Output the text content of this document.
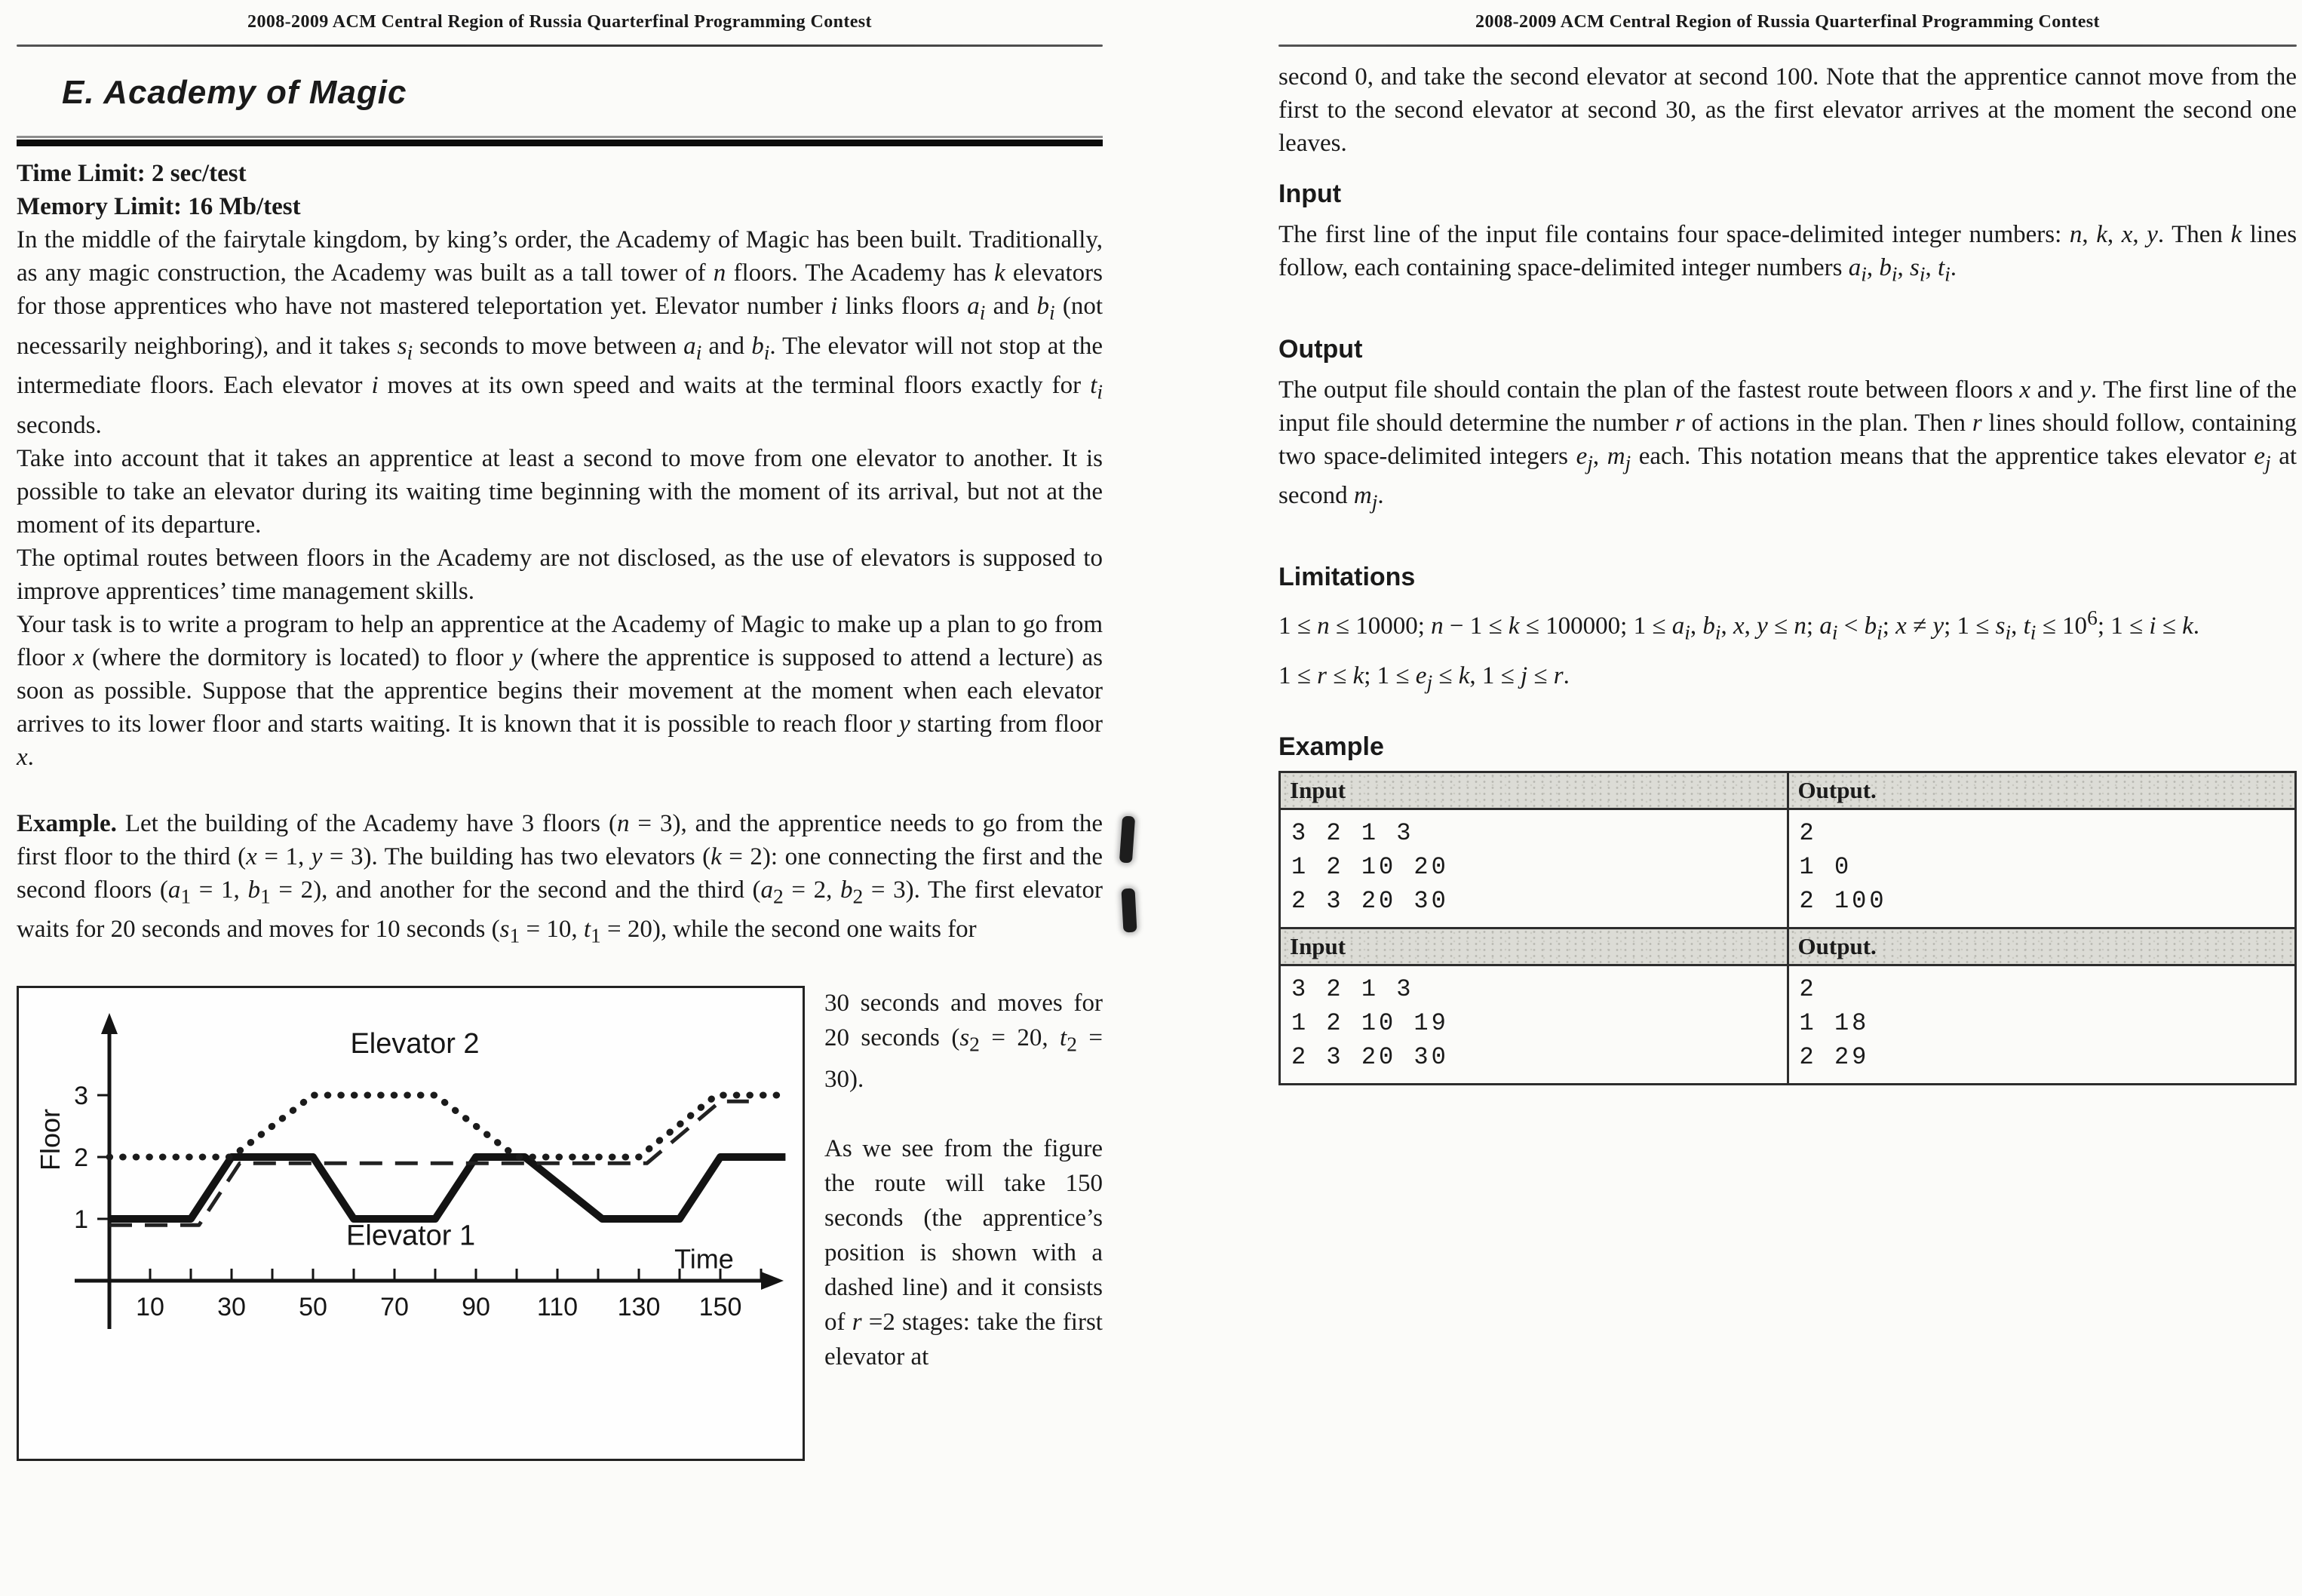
2008-2009 ACM Central Region of Russia Quarterfinal Programming Contest
E. Academy of Magic
Time Limit: 2 sec/test
Memory Limit: 16 Mb/test

In the middle of the fairytale kingdom, by king’s order, the Academy of Magic has been built. Traditionally, as any magic construction, the Academy was built as a tall tower of n floors. The Academy has k elevators for those apprentices who have not mastered teleportation yet. Elevator number i links floors $a_i$ and $b_i$ (not necessarily neighboring), and it takes $s_i$ seconds to move between $a_i$ and $b_i$. The elevator will not stop at the intermediate floors. Each elevator i moves at its own speed and waits at the terminal floors exactly for $t_i$ seconds.

Take into account that it takes an apprentice at least a second to move from one elevator to another. It is possible to take an elevator during its waiting time beginning with the moment of its arrival, but not at the moment of its departure.

The optimal routes between floors in the Academy are not disclosed, as the use of elevators is supposed to improve apprentices’ time management skills.

Your task is to write a program to help an apprentice at the Academy of Magic to make up a plan to go from floor x (where the dormitory is located) to floor y (where the apprentice is supposed to attend a lecture) as soon as possible. Suppose that the apprentice begins their movement at the moment when each elevator arrives to its lower floor and starts waiting. It is known that it is possible to reach floor y starting from floor x.

Example. Let the building of the Academy have 3 floors (n = 3), and the apprentice needs to go from the first floor to the third (x = 1, y = 3). The building has two elevators (k = 2): one connecting the first and the second floors ($a_1 = 1$, $b_1 = 2$), and another for the second and the third ($a_2 = 2$, $b_2 = 3$). The first elevator waits for 20 seconds and moves for 10 seconds ($s_1 = 10$, $t_1 = 20$), while the second one waits for

10 30 50 70 90 110 130 150
1
2
3
Elevator 1
Elevator 2
Time
Floor

30 seconds and moves for 20 seconds ($s_2 = 20$, $t_2 = 30$).

As we see from the figure the route will take 150 seconds (the apprentice’s position is shown with a dashed line) and it consists of r =2 stages: take the first elevator at

2008-2009 ACM Central Region of Russia Quarterfinal Programming Contest

second 0, and take the second elevator at second 100. Note that the apprentice cannot move from the first to the second elevator at second 30, as the first elevator arrives at the moment the second one leaves.

Input

The first line of the input file contains four space-delimited integer numbers: n, k, x, y. Then k lines follow, each containing space-delimited integer numbers $a_i$, $b_i$, $s_i$, $t_i$.

Output

The output file should contain the plan of the fastest route between floors x and y. The first line of the input file should determine the number r of actions in the plan. Then r lines should follow, containing two space-delimited integers $e_j$, $m_j$ each. This notation means that the apprentice takes elevator $e_j$ at second $m_j$.

Limitations

1 ≤ n ≤ 10000; n − 1 ≤ k ≤ 100000; $1 \le a_i$, $b_i$, x, y ≤ n; $a_i < b_i$; x ≠ y; $1 \le s_i$, $t_i \le 10^6$; 1 ≤ i ≤ k.

1 ≤ r ≤ k; $1 \le e_j \le k$, 1 ≤ j ≤ r.

Example
Input	Output.

3 2 1 3
1 2 10 20
2 3 20 30

2
1 0
2 100

Input	Output.

3 2 1 3
1 2 10 19
2 3 20 30

2
1 18
2 29
